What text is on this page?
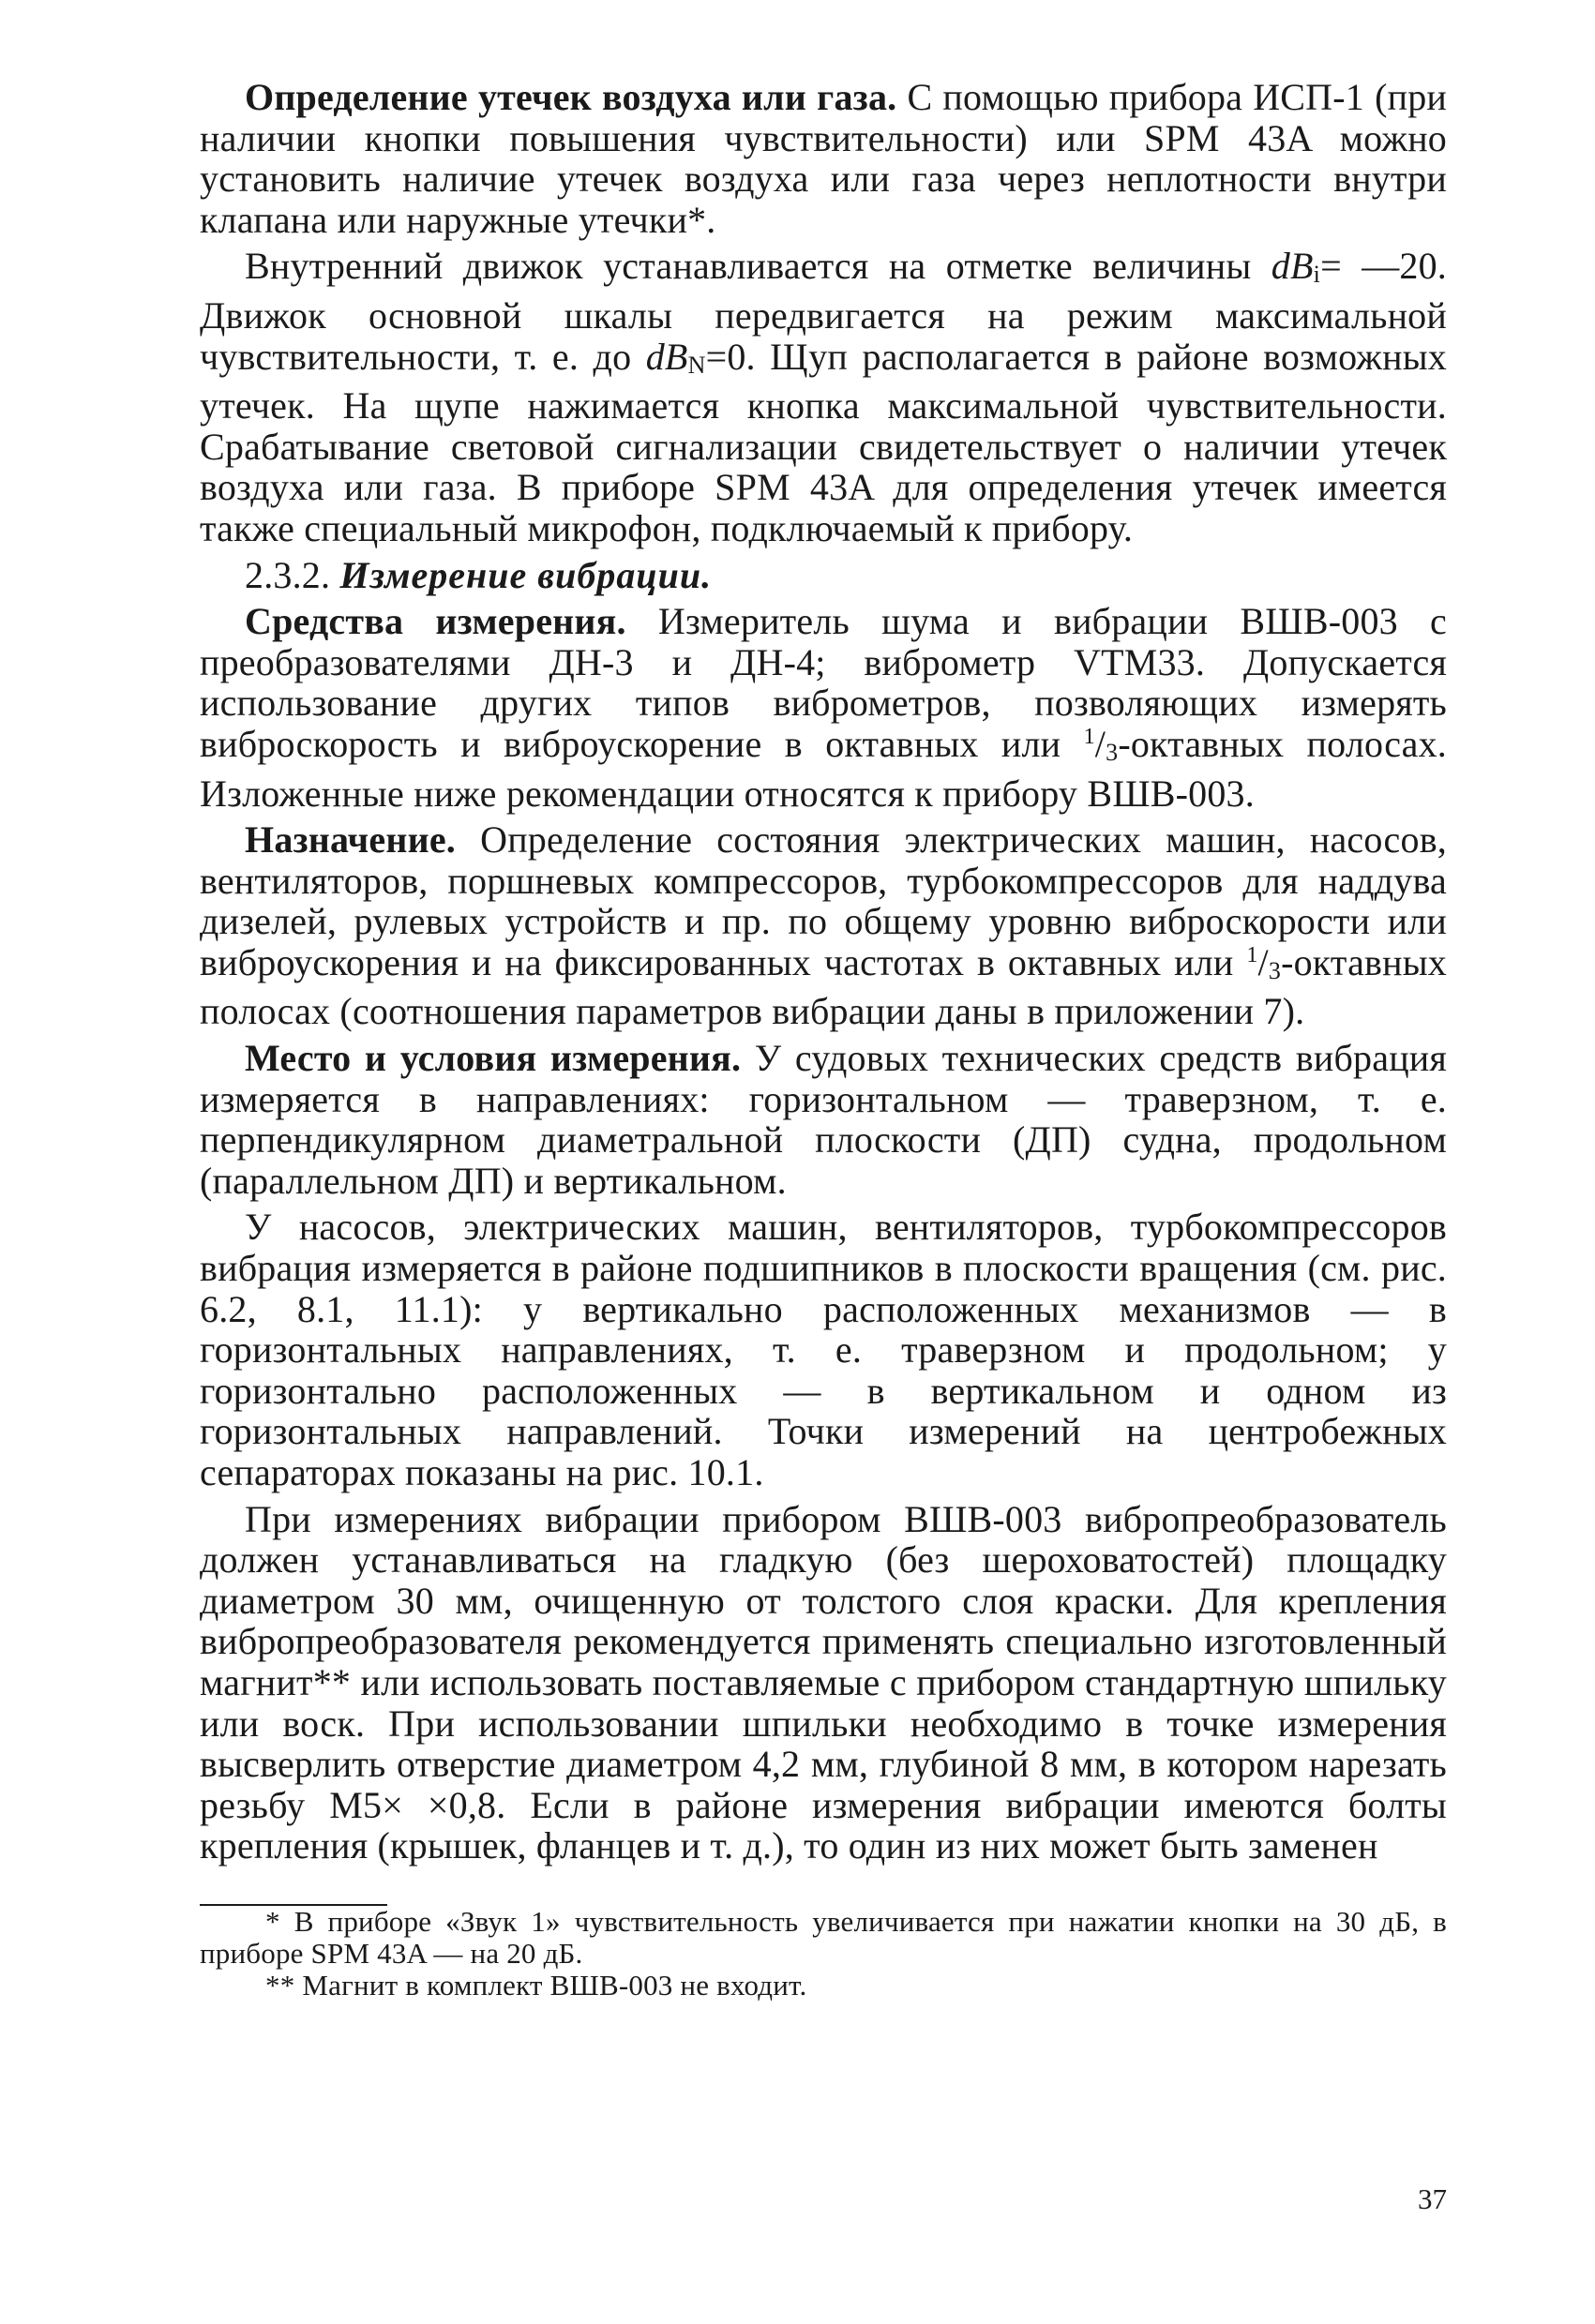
Определение утечек воздуха или газа. С помощью прибора ИСП-1 (при наличии кнопки повышения чувствительности) или SPM 43A можно установить наличие утечек воздуха или газа через неплотности внутри клапана или наружные утечки*.

Внутренний движок устанавливается на отметке величины $dB_i=$ —20. Движок основной шкалы передвигается на режим максимальной чувствительности, т. е. до $dB_N=0$. Щуп располагается в районе возможных утечек. На щупе нажимается кнопка максимальной чувствительности. Срабатывание световой сигнализации свидетельствует о наличии утечек воздуха или газа. В приборе SPM 43A для определения утечек имеется также специальный микрофон, подключаемый к прибору.

2.3.2. Измерение вибрации.

Средства измерения. Измеритель шума и вибрации ВШВ-003 с преобразователями ДН-3 и ДН-4; виброметр VTM33. Допускается использование других типов виброметров, позволяющих измерять виброскорость и виброускорение в октавных или $^1/_3$-октавных полосах. Изложенные ниже рекомендации относятся к прибору ВШВ-003.

Назначение. Определение состояния электрических машин, насосов, вентиляторов, поршневых компрессоров, турбокомпрессоров для наддува дизелей, рулевых устройств и пр. по общему уровню виброскорости или виброускорения и на фиксированных частотах в октавных или $^1/_3$-октавных полосах (соотношения параметров вибрации даны в приложении 7).

Место и условия измерения. У судовых технических средств вибрация измеряется в направлениях: горизонтальном — траверзном, т. е. перпендикулярном диаметральной плоскости (ДП) судна, продольном (параллельном ДП) и вертикальном.

У насосов, электрических машин, вентиляторов, турбокомпрессоров вибрация измеряется в районе подшипников в плоскости вращения (см. рис. 6.2, 8.1, 11.1): у вертикально расположенных механизмов — в горизонтальных направлениях, т. е. траверзном и продольном; у горизонтально расположенных — в вертикальном и одном из горизонтальных направлений. Точки измерений на центробежных сепараторах показаны на рис. 10.1.

При измерениях вибрации прибором ВШВ-003 вибропреобразователь должен устанавливаться на гладкую (без шероховатостей) площадку диаметром 30 мм, очищенную от толстого слоя краски. Для крепления вибропреобразователя рекомендуется применять специально изготовленный магнит** или использовать поставляемые с прибором стандартную шпильку или воск. При использовании шпильки необходимо в точке измерения высверлить отверстие диаметром 4,2 мм, глубиной 8 мм, в котором нарезать резьбу М5× ×0,8. Если в районе измерения вибрации имеются болты крепления (крышек, фланцев и т. д.), то один из них может быть заменен

* В приборе «Звук 1» чувствительность увеличивается при нажатии кнопки на 30 дБ, в приборе SPM 43A — на 20 дБ.

** Магнит в комплект ВШВ-003 не входит.

37
